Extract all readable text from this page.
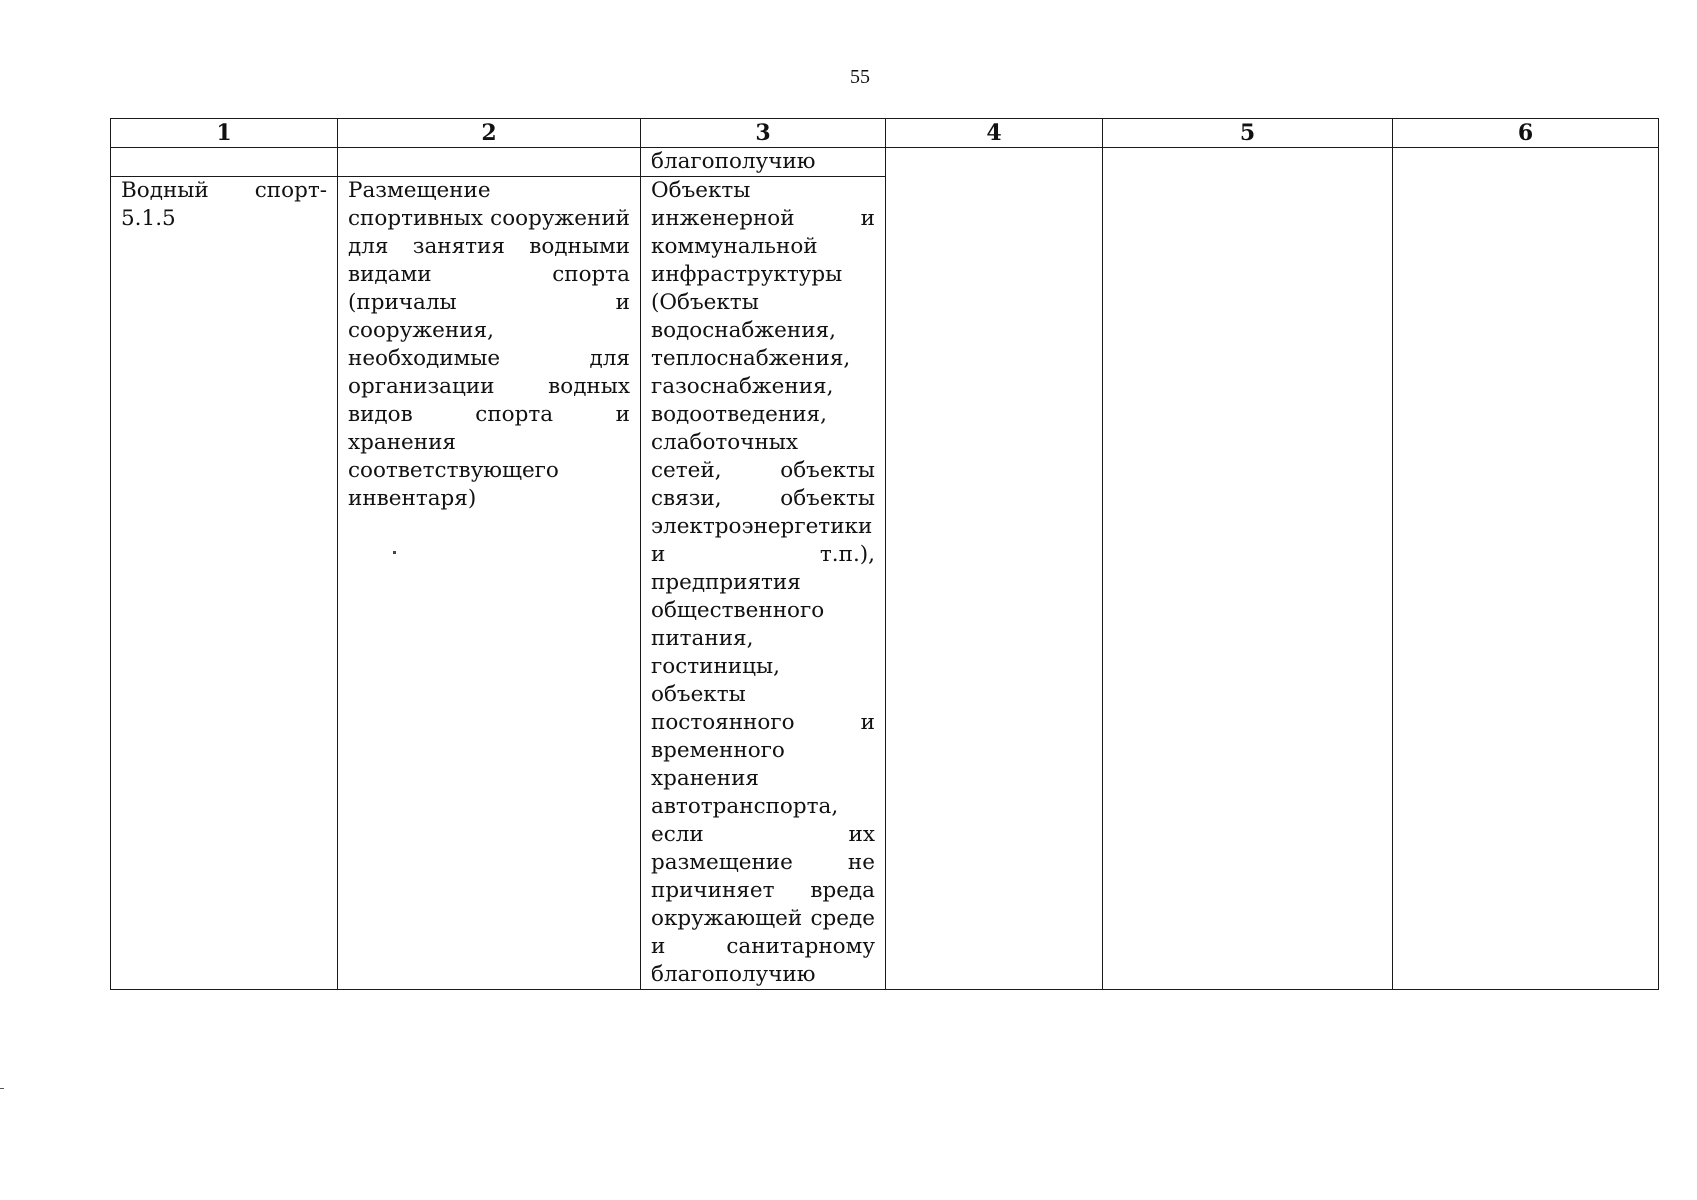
55
1	2	3	4	5	6
		благополучию			
Водный спорт- 5.1.5	Размещение спортивных сооружений для занятия водными видами спорта (причалы и сооружения, необходимые для организации водных видов спорта и хранения соответствующего инвентаря)	Объекты инженерной и коммунальной инфраструктуры (Объекты водоснабжения, теплоснабжения, газоснабжения, водоотведения, слаботочных сетей, объекты связи, объекты электроэнергетики и т.п.), предприятия общественного питания, гостиницы, объекты постоянного и временного хранения автотранспорта, если их размещение не причиняет вреда окружающей среде и санитарному благополучию			
